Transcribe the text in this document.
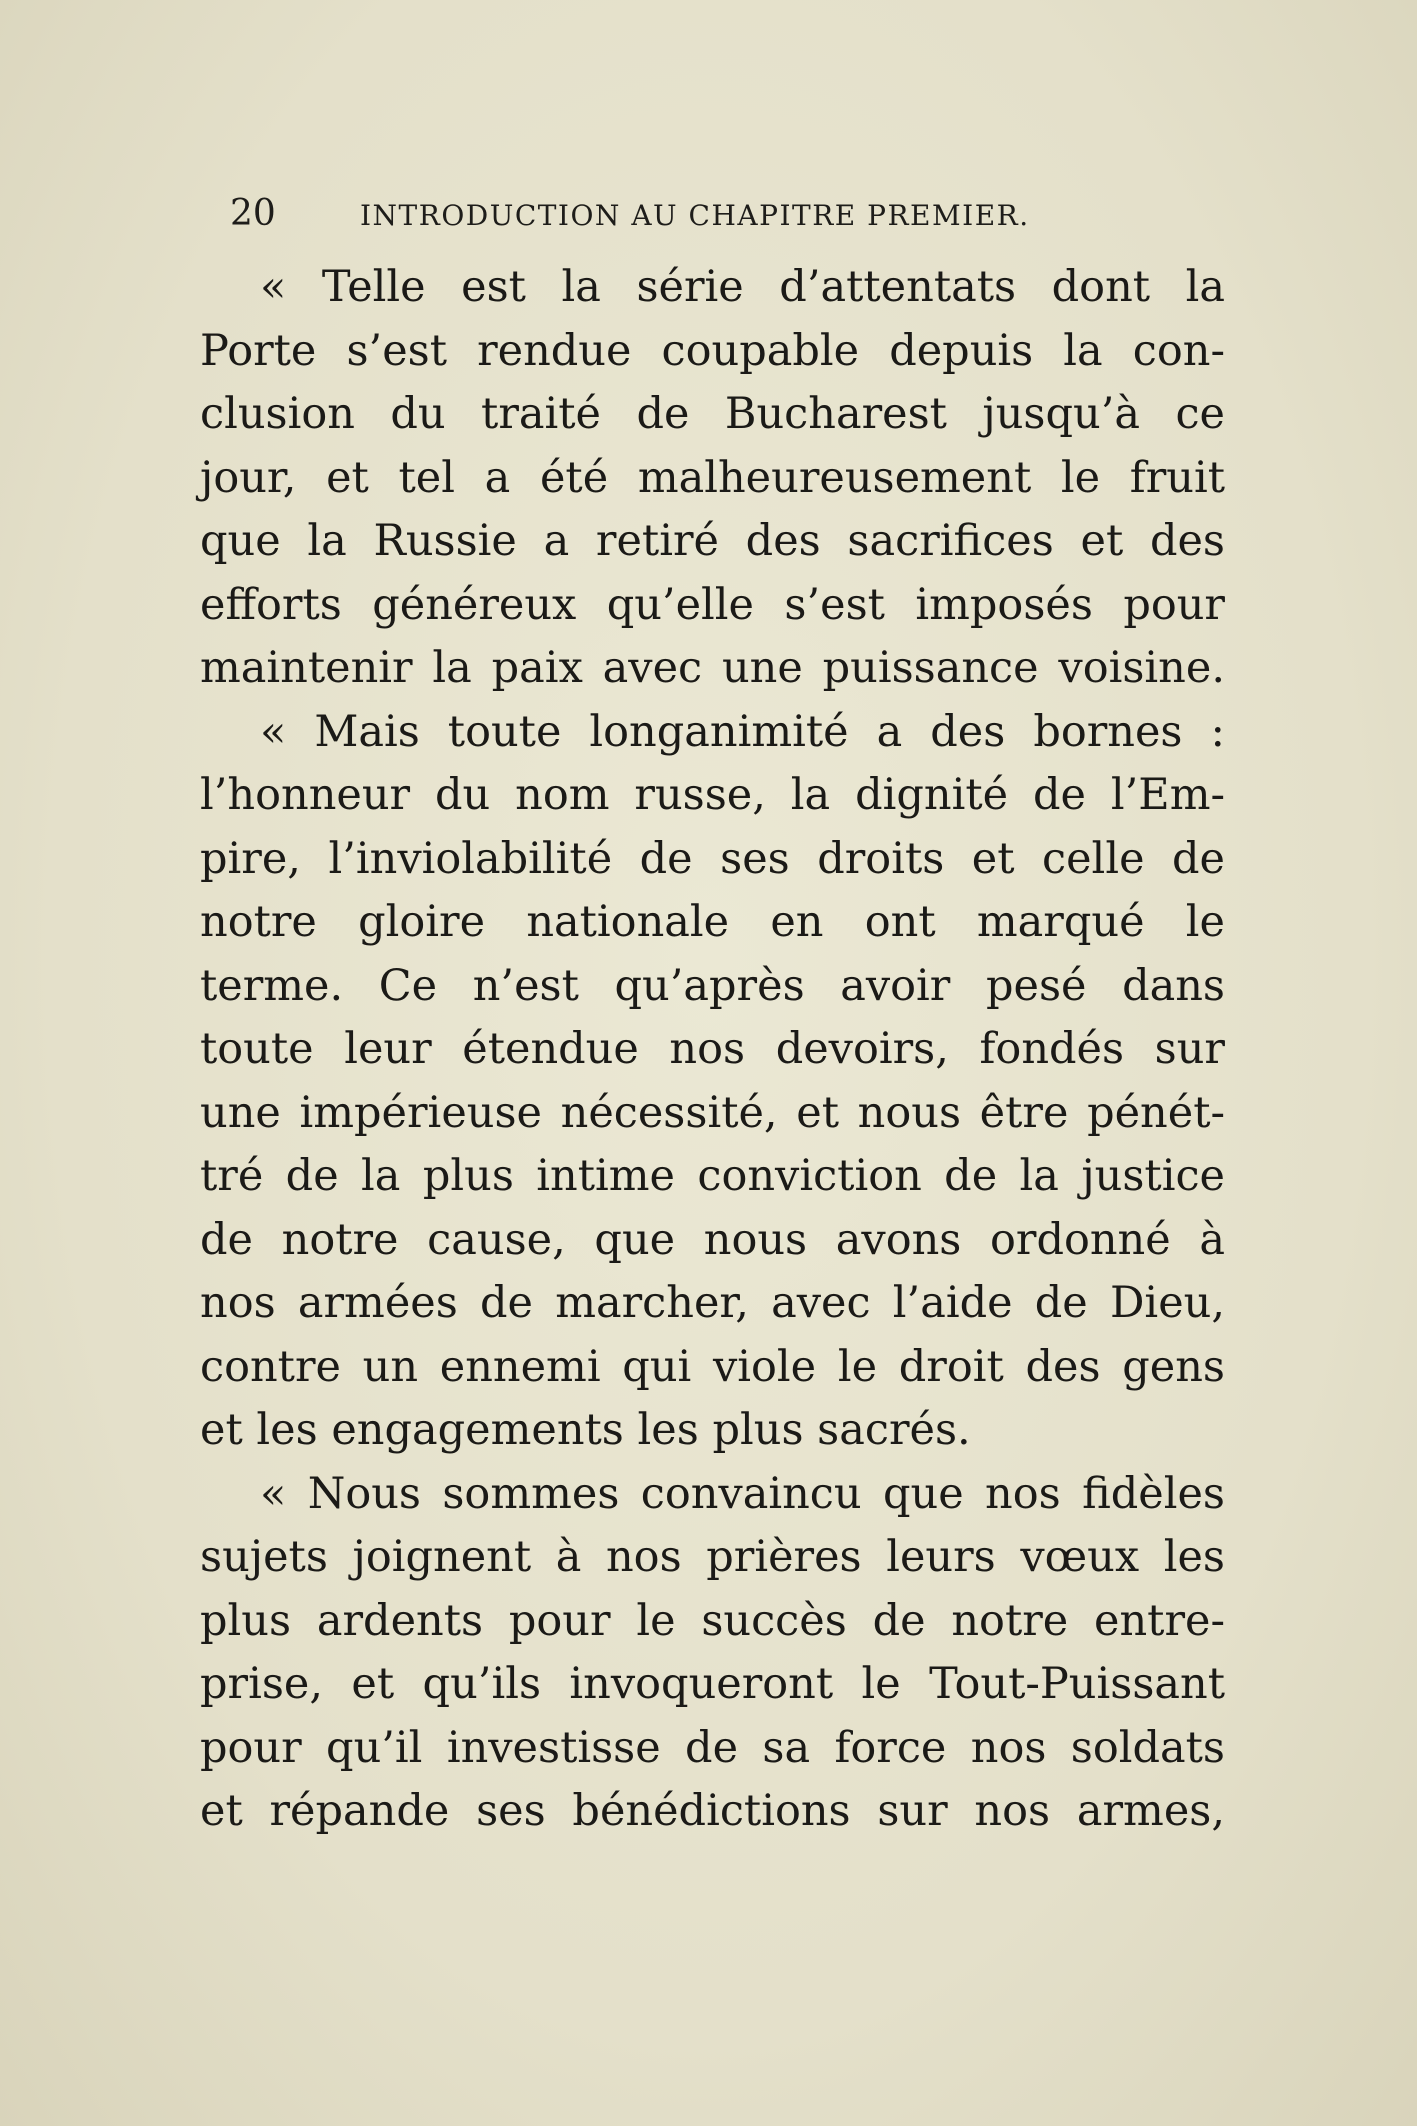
20	INTRODUCTION AU CHAPITRE PREMIER.
« Telle est la série d’attentats dont la
Porte s’est rendue coupable depuis la con-
clusion du traité de Bucharest jusqu’à ce
jour, et tel a été malheureusement le fruit
que la Russie a retiré des sacrifices et des
efforts généreux qu’elle s’est imposés pour
maintenir la paix avec une puissance voisine.
« Mais toute longanimité a des bornes :
l’honneur du nom russe, la dignité de l’Em-
pire, l’inviolabilité de ses droits et celle de
notre gloire nationale en ont marqué le
terme. Ce n’est qu’après avoir pesé dans
toute leur étendue nos devoirs, fondés sur
une impérieuse nécessité, et nous être pénét-
tré de la plus intime conviction de la justice
de notre cause, que nous avons ordonné à
nos armées de marcher, avec l’aide de Dieu,
contre un ennemi qui viole le droit des gens
et les engagements les plus sacrés.
« Nous sommes convaincu que nos fidèles
sujets joignent à nos prières leurs vœux les
plus ardents pour le succès de notre entre-
prise, et qu’ils invoqueront le Tout-Puissant
pour qu’il investisse de sa force nos soldats
et répande ses bénédictions sur nos armes,
